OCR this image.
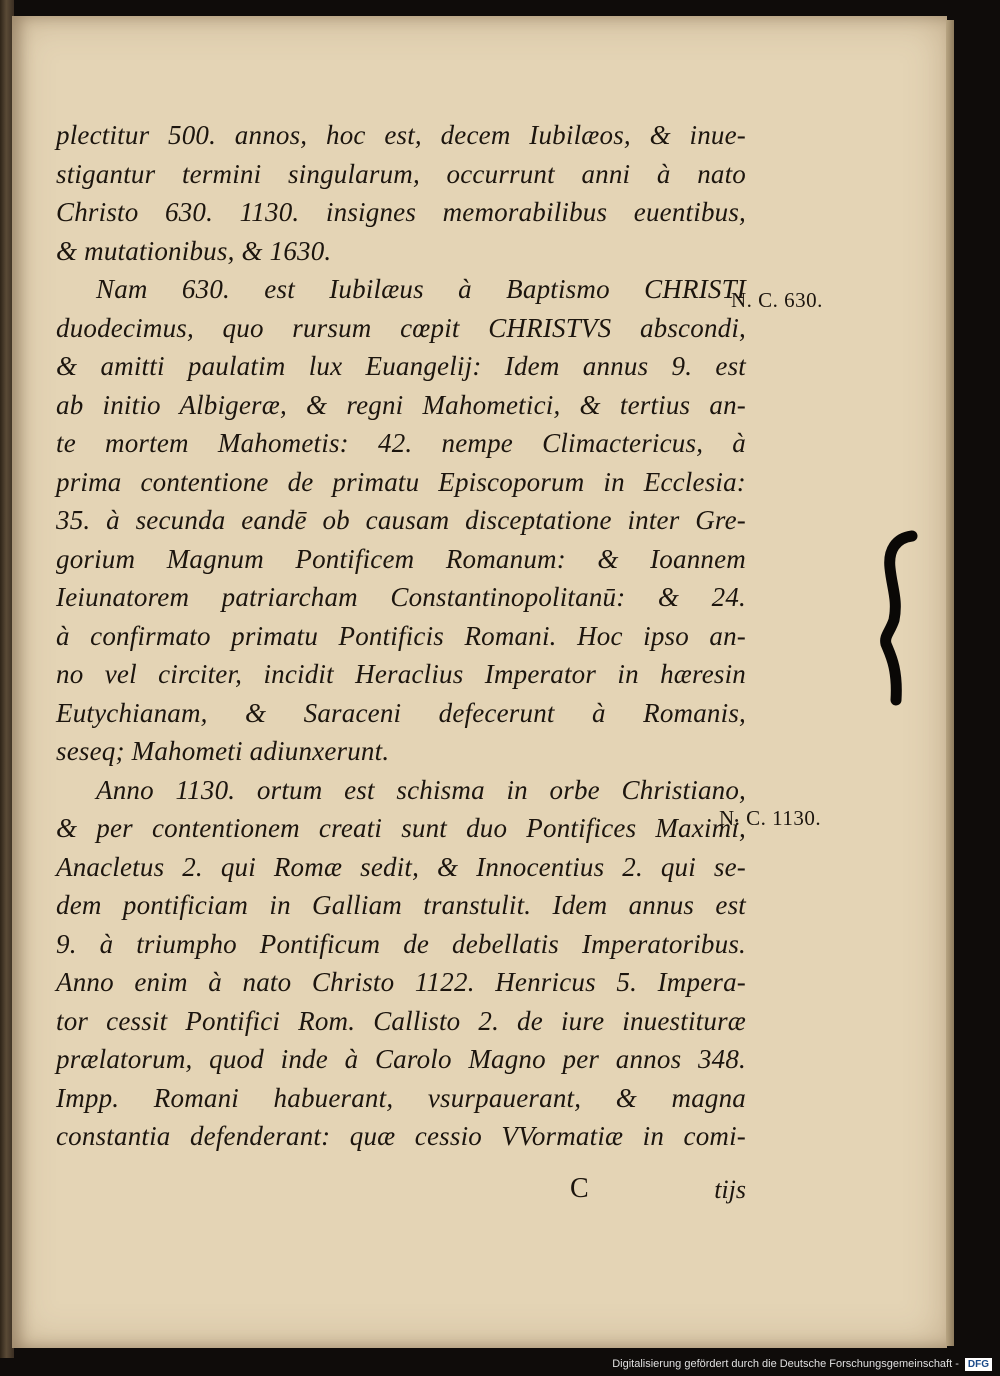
plectitur 500. annos, hoc est, decem Iubilæos, & inue-
stigantur termini singularum, occurrunt anni à nato
Christo 630. 1130. insignes memorabilibus euentibus,
& mutationibus, & 1630.
Nam 630. est Iubilæus à Baptismo CHRISTI
duodecimus, quo rursum cœpit CHRISTVS abscondi,
& amitti paulatim lux Euangelij: Idem annus 9. est
ab initio Albigeræ, & regni Mahometici, & tertius an-
te mortem Mahometis: 42. nempe Climactericus, à
prima contentione de primatu Episcoporum in Ecclesia:
35. à secunda eandē ob causam disceptatione inter Gre-
gorium Magnum Pontificem Romanum: & Ioannem
Ieiunatorem patriarcham Constantinopolitanū: & 24.
à confirmato primatu Pontificis Romani. Hoc ipso an-
no vel circiter, incidit Heraclius Imperator in hæresin
Eutychianam, & Saraceni defecerunt à Romanis,
seseq; Mahometi adiunxerunt.
Anno 1130. ortum est schisma in orbe Christiano,
& per contentionem creati sunt duo Pontifices Maximi,
Anacletus 2. qui Romæ sedit, & Innocentius 2. qui se-
dem pontificiam in Galliam transtulit. Idem annus est
9. à triumpho Pontificum de debellatis Imperatoribus.
Anno enim à nato Christo 1122. Henricus 5. Impera-
tor cessit Pontifici Rom. Callisto 2. de iure inuestituræ
prælatorum, quod inde à Carolo Magno per annos 348.
Impp. Romani habuerant, vsurpauerant, & magna
constantia defenderant: quæ cessio VVormatiæ in comi-
N. C. 630.
N. C. 1130.
C	tijs
Digitalisierung gefördert durch die Deutsche Forschungsgemeinschaft - DFG
